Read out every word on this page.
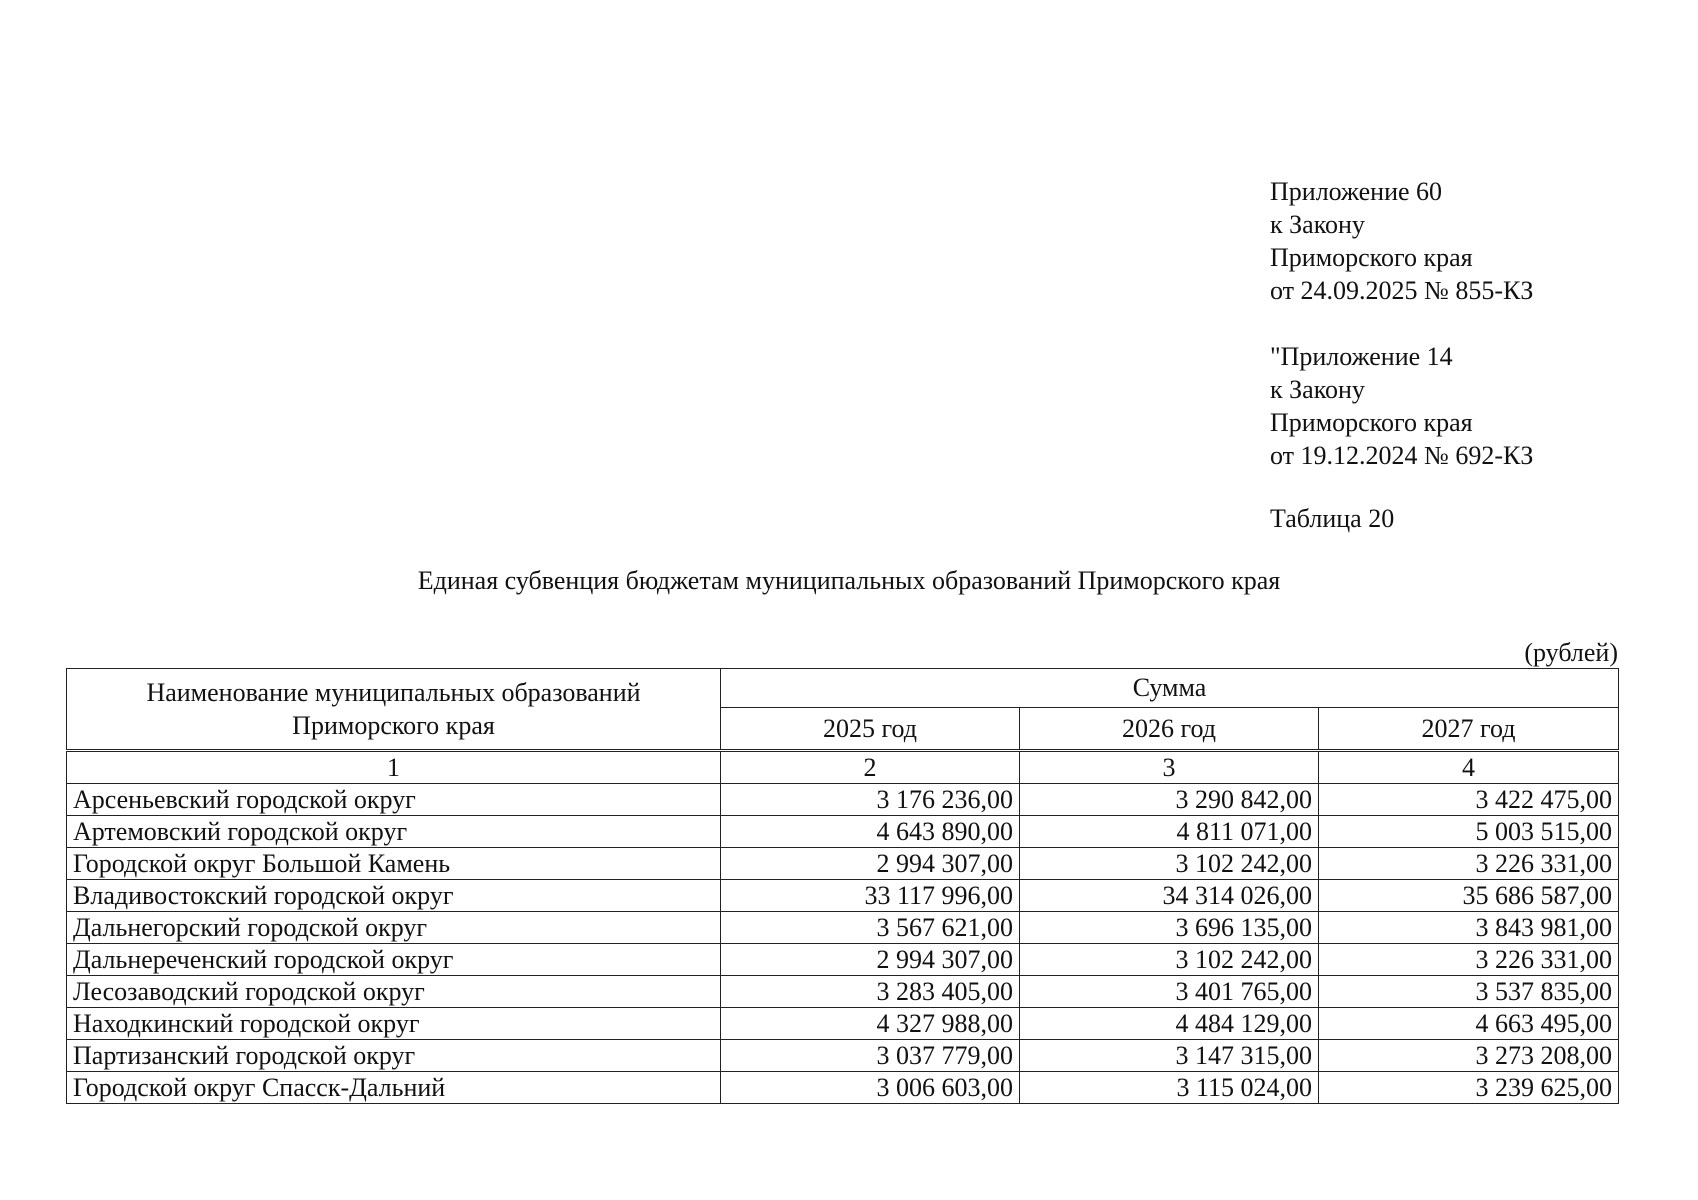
Приложение 60
к Закону
Приморского края
от 24.09.2025 № 855-КЗ
"Приложение 14
к Закону
Приморского края
от 19.12.2024 № 692-КЗ
Таблица 20
Единая субвенция бюджетам муниципальных образований Приморского края
(рублей)
Наименование муниципальных образований Приморского края	Сумма		
	2025 год	2026 год	2027 год
1	2	3	4
Арсеньевский городской округ	3 176 236,00	3 290 842,00	3 422 475,00
Артемовский городской округ	4 643 890,00	4 811 071,00	5 003 515,00
Городской округ Большой Камень	2 994 307,00	3 102 242,00	3 226 331,00
Владивостокский городской округ	33 117 996,00	34 314 026,00	35 686 587,00
Дальнегорский городской округ	3 567 621,00	3 696 135,00	3 843 981,00
Дальнереченский городской округ	2 994 307,00	3 102 242,00	3 226 331,00
Лесозаводский городской округ	3 283 405,00	3 401 765,00	3 537 835,00
Находкинский городской округ	4 327 988,00	4 484 129,00	4 663 495,00
Партизанский городской округ	3 037 779,00	3 147 315,00	3 273 208,00
Городской округ Спасск-Дальний	3 006 603,00	3 115 024,00	3 239 625,00
